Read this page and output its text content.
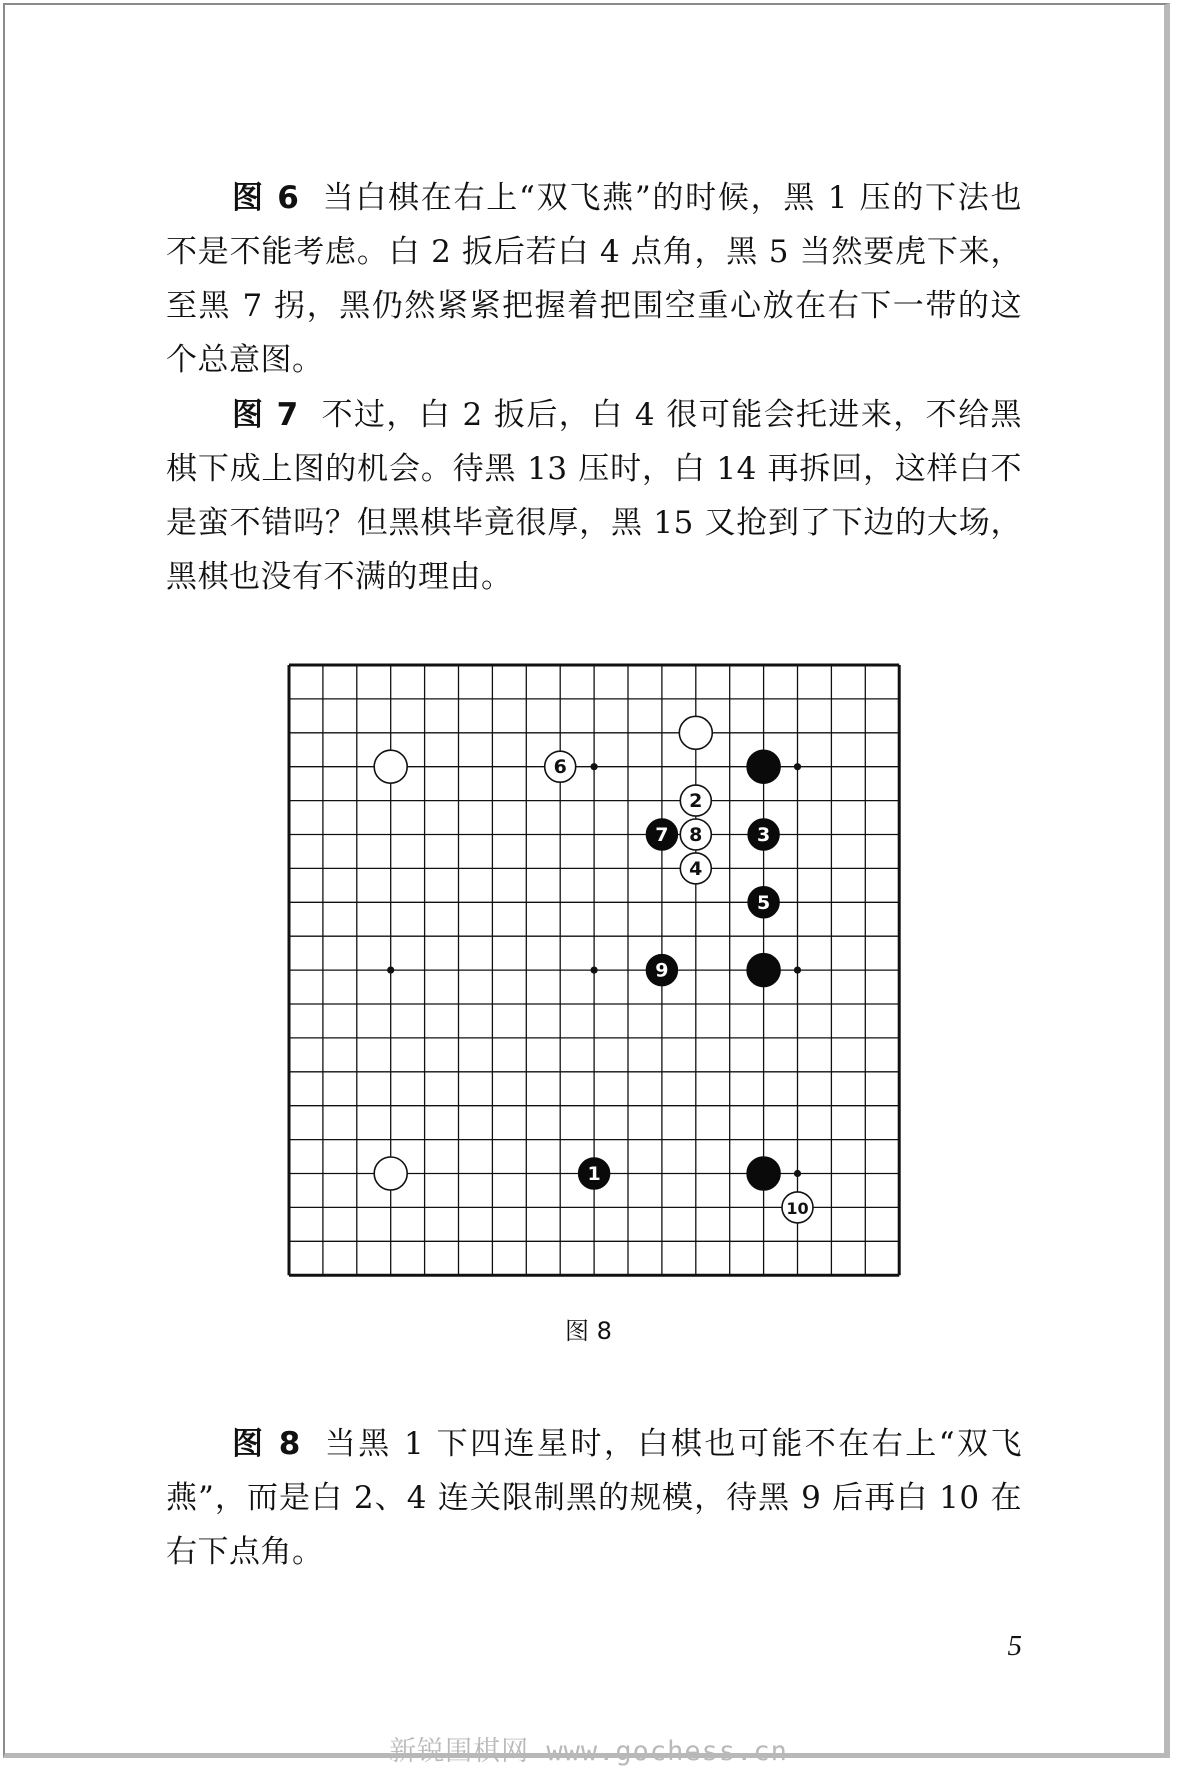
图 6 当白棋在右上“双飞燕”的时候，黑 1 压的下法也不是不能考虑。白 2 扳后若白 4 点角，黑 5 当然要虎下来，至黑 7 拐，黑仍然紧紧把握着把围空重心放在右下一带的这个总意图。

图 7 不过，白 2 扳后，白 4 很可能会托进来，不给黑棋下成上图的机会。待黑 13 压时，白 14 再拆回，这样白不是蛮不错吗？但黑棋毕竟很厚，黑 15 又抢到了下边的大场，黑棋也没有不满的理由。

6
2
7 8	3
4
5
9
1
10
图 8

图 8 当黑 1 下四连星时，白棋也可能不在右上“双飞燕”，而是白 2、4 连关限制黑的规模，待黑 9 后再白 10 在右下点角。

5
新锐围棋网 www.gochess.cn
